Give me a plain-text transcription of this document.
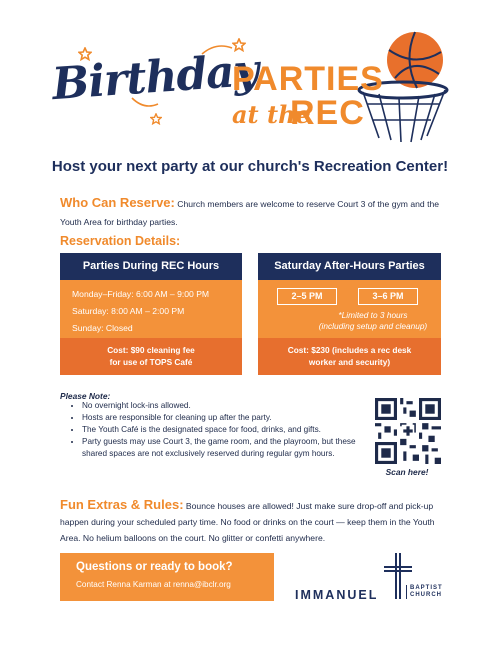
Birthday
PARTIES
at the
REC
Host your next party at our church's Recreation Center!
Who Can Reserve: Church members are welcome to reserve Court 3 of the gym and the Youth Area for birthday parties.
Reservation Details:
Parties During REC Hours
Monday–Friday: 6:00 AM – 9:00 PM
Saturday: 8:00 AM – 2:00 PM
Sunday: Closed
Cost: $90 cleaning fee
for use of TOPS Café
Saturday After-Hours Parties
Cost: $230 (includes a rec desk
worker and security)
2–5 PM	3–6 PM
*Limited to 3 hours
(including setup and cleanup)
Please Note:
• No overnight lock-ins allowed.
• Hosts are responsible for cleaning up after the party.
• The Youth Café is the designated space for food, drinks, and gifts.
• Party guests may use Court 3, the game room, and the playroom, but these shared spaces are not exclusively reserved during regular gym hours.
Scan here!
Fun Extras & Rules: Bounce houses are allowed! Just make sure drop-off and pick-up happen during your scheduled party time. No food or drinks on the court — keep them in the Youth Area. No helium balloons on the court. No glitter or confetti anywhere.
Questions or ready to book?
Contact Renna Karman at renna@ibclr.org
IMMANUEL	BAPTIST
CHURCH
